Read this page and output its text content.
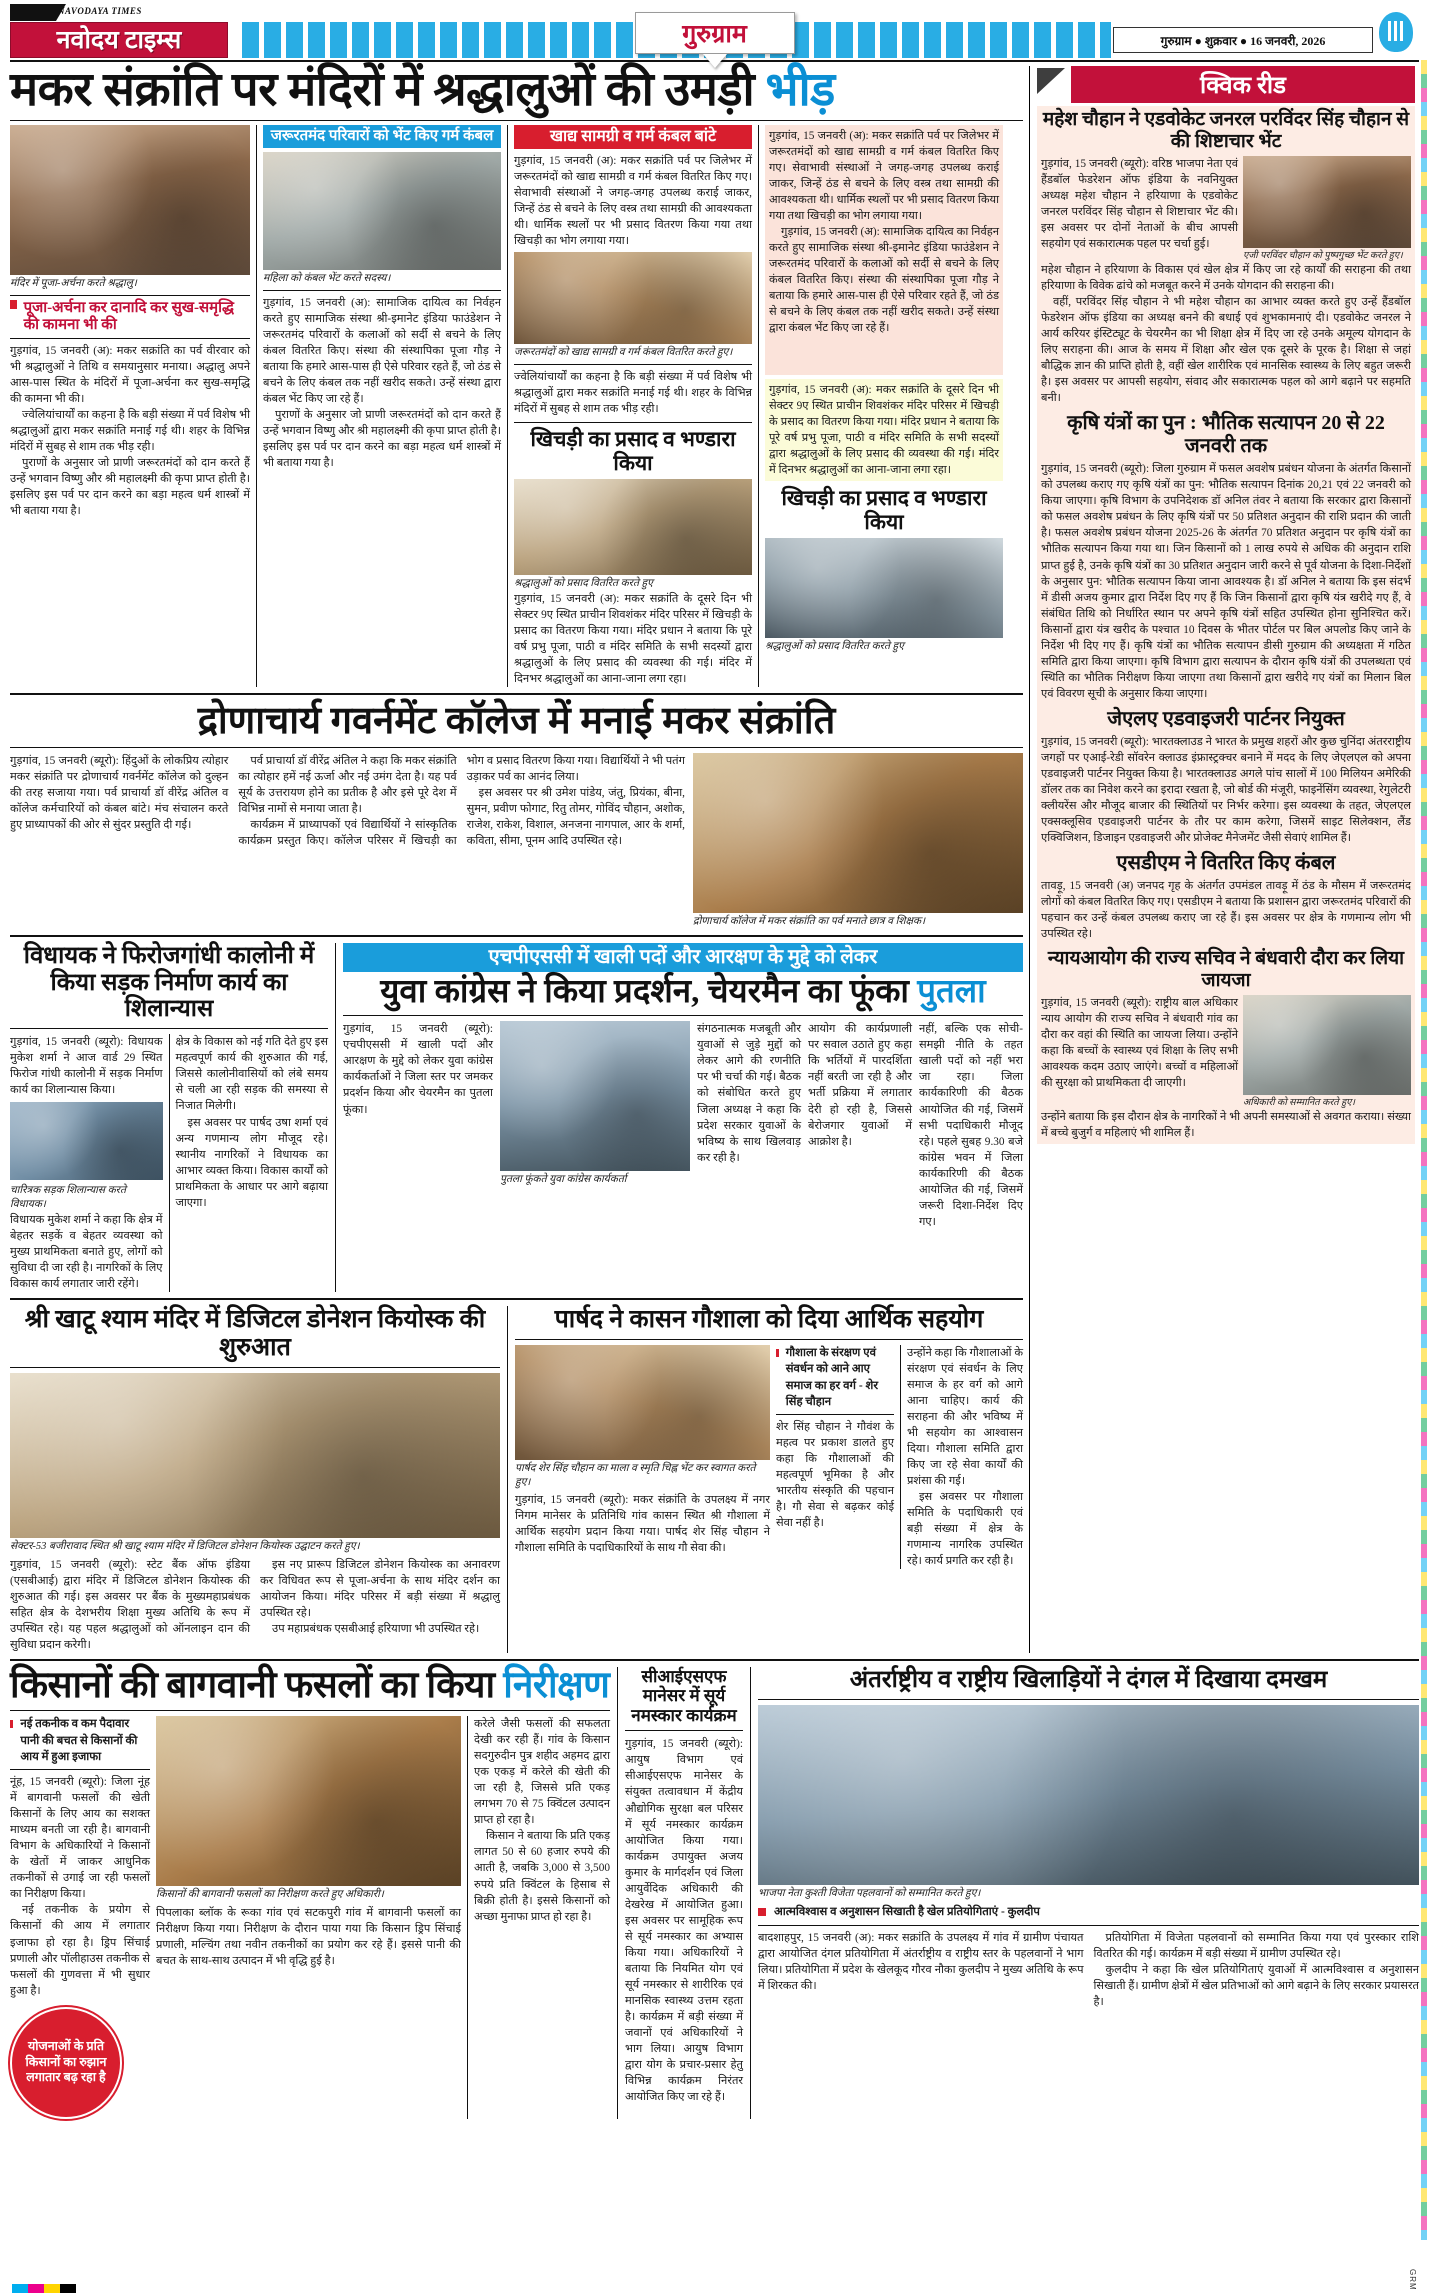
NAVODAYA TIMES
नवोदय टाइम्स	गुरुग्राम	गुरुग्राम ● शुक्रवार ● 16 जनवरी, 2026
मकर संक्रांति पर मंदिरों में श्रद्धालुओं की उमड़ी भीड़
मंदिर में पूजा-अर्चना करते श्रद्धालु।
पूजा-अर्चना कर दानादि कर सुख-समृद्धि की कामना भी की

गुड़गांव, 15 जनवरी (अ): मकर सक्रांति का पर्व वीरवार को भी श्रद्धालुओं ने तिथि व समयानुसार मनाया। अद्धालु अपने आस-पास स्थित के मंदिरों में पूजा-अर्चना कर सुख-समृद्धि की कामना भी की।

ज्वेलियांचार्यों का कहना है कि बड़ी संख्या में पर्व विशेष भी श्रद्धालुओं द्वारा मकर सक्रांति मनाई गई थी। शहर के विभिन्न मंदिरों में सुबह से शाम तक भीड़ रही।

पुराणों के अनुसार जो प्राणी जरूरतमंदों को दान करते हैं उन्हें भगवान विष्णु और श्री महालक्ष्मी की कृपा प्राप्त होती है। इसलिए इस पर्व पर दान करने का बड़ा महत्व धर्म शास्त्रों में भी बताया गया है।

जरूरतमंद परिवारों को भेंट किए गर्म कंबल
महिला को कंबल भेंट करते सदस्य।

गुड़गांव, 15 जनवरी (अ): सामाजिक दायित्व का निर्वहन करते हुए सामाजिक संस्था श्री-इमानेट इंडिया फाउंडेशन ने जरूरतमंद परिवारों के कलाओं को सर्दी से बचने के लिए कंबल वितरित किए। संस्था की संस्थापिका पूजा गौड़ ने बताया कि हमारे आस-पास ही ऐसे परिवार रहते हैं, जो ठंड से बचने के लिए कंबल तक नहीं खरीद सकते। उन्हें संस्था द्वारा कंबल भेंट किए जा रहे हैं।

पुराणों के अनुसार जो प्राणी जरूरतमंदों को दान करते हैं उन्हें भगवान विष्णु और श्री महालक्ष्मी की कृपा प्राप्त होती है। इसलिए इस पर्व पर दान करने का बड़ा महत्व धर्म शास्त्रों में भी बताया गया है।

खाद्य सामग्री व गर्म कंबल बांटे

गुड़गांव, 15 जनवरी (अ): मकर सक्रांति पर्व पर जिलेभर में जरूरतमंदों को खाद्य सामग्री व गर्म कंबल वितरित किए गए। सेवाभावी संस्थाओं ने जगह-जगह उपलब्ध कराई जाकर, जिन्हें ठंड से बचने के लिए वस्त्र तथा सामग्री की आवश्यकता थी। धार्मिक स्थलों पर भी प्रसाद वितरण किया गया तथा खिचड़ी का भोग लगाया गया।

जरूरतमंदों को खाद्य सामग्री व गर्म कंबल वितरित करते हुए।

ज्वेलियांचार्यों का कहना है कि बड़ी संख्या में पर्व विशेष भी श्रद्धालुओं द्वारा मकर सक्रांति मनाई गई थी। शहर के विभिन्न मंदिरों में सुबह से शाम तक भीड़ रही।

खिचड़ी का प्रसाद व भण्डारा किया
श्रद्धालुओं को प्रसाद वितरित करते हुए

गुड़गांव, 15 जनवरी (अ): मकर सक्रांति के दूसरे दिन भी सेक्टर 9ए स्थित प्राचीन शिवशंकर मंदिर परिसर में खिचड़ी के प्रसाद का वितरण किया गया। मंदिर प्रधान ने बताया कि पूरे वर्ष प्रभु पूजा, पाठी व मंदिर समिति के सभी सदस्यों द्वारा श्रद्धालुओं के लिए प्रसाद की व्यवस्था की गई। मंदिर में दिनभर श्रद्धालुओं का आना-जाना लगा रहा।

गुड़गांव, 15 जनवरी (अ): मकर सक्रांति पर्व पर जिलेभर में जरूरतमंदों को खाद्य सामग्री व गर्म कंबल वितरित किए गए। सेवाभावी संस्थाओं ने जगह-जगह उपलब्ध कराई जाकर, जिन्हें ठंड से बचने के लिए वस्त्र तथा सामग्री की आवश्यकता थी। धार्मिक स्थलों पर भी प्रसाद वितरण किया गया तथा खिचड़ी का भोग लगाया गया।

गुड़गांव, 15 जनवरी (अ): सामाजिक दायित्व का निर्वहन करते हुए सामाजिक संस्था श्री-इमानेट इंडिया फाउंडेशन ने जरूरतमंद परिवारों के कलाओं को सर्दी से बचने के लिए कंबल वितरित किए। संस्था की संस्थापिका पूजा गौड़ ने बताया कि हमारे आस-पास ही ऐसे परिवार रहते हैं, जो ठंड से बचने के लिए कंबल तक नहीं खरीद सकते। उन्हें संस्था द्वारा कंबल भेंट किए जा रहे हैं।

गुड़गांव, 15 जनवरी (अ): मकर सक्रांति के दूसरे दिन भी सेक्टर 9ए स्थित प्राचीन शिवशंकर मंदिर परिसर में खिचड़ी के प्रसाद का वितरण किया गया। मंदिर प्रधान ने बताया कि पूरे वर्ष प्रभु पूजा, पाठी व मंदिर समिति के सभी सदस्यों द्वारा श्रद्धालुओं के लिए प्रसाद की व्यवस्था की गई। मंदिर में दिनभर श्रद्धालुओं का आना-जाना लगा रहा।

खिचड़ी का प्रसाद व भण्डारा किया
श्रद्धालुओं को प्रसाद वितरित करते हुए
द्रोणाचार्य गवर्नमेंट कॉलेज में मनाई मकर संक्रांति

गुड़गांव, 15 जनवरी (ब्यूरो): हिंदुओं के लोकप्रिय त्योहार मकर संक्रांति पर द्रोणाचार्य गवर्नमेंट कॉलेज को दुल्हन की तरह सजाया गया। पर्व प्राचार्या डॉ वीरेंद्र अंतिल व कॉलेज कर्मचारियों को कंबल बांटे। मंच संचालन करते हुए प्राध्यापकों की ओर से सुंदर प्रस्तुति दी गई।

पर्व प्राचार्या डॉ वीरेंद्र अंतिल ने कहा कि मकर संक्रांति का त्योहार हमें नई ऊर्जा और नई उमंग देता है। यह पर्व सूर्य के उत्तरायण होने का प्रतीक है और इसे पूरे देश में विभिन्न नामों से मनाया जाता है।

कार्यक्रम में प्राध्यापकों एवं विद्यार्थियों ने सांस्कृतिक कार्यक्रम प्रस्तुत किए। कॉलेज परिसर में खिचड़ी का भोग व प्रसाद वितरण किया गया। विद्यार्थियों ने भी पतंग उड़ाकर पर्व का आनंद लिया।

इस अवसर पर श्री उमेश पांडेय, जंतु, प्रियंका, बीना, सुमन, प्रवीण फोगाट, रितु तोमर, गोविंद चौहान, अशोक, राजेश, राकेश, विशाल, अनजना नागपाल, आर के शर्मा, कविता, सीमा, पूनम आदि उपस्थित रहे।

द्रोणाचार्य कॉलेज में मकर संक्रांति का पर्व मनाते छात्र व शिक्षक।
विधायक ने फिरोजगांधी कालोनी में किया सड़क निर्माण कार्य का शिलान्यास

गुड़गांव, 15 जनवरी (ब्यूरो): विधायक मुकेश शर्मा ने आज वार्ड 29 स्थित फिरोज गांधी कालोनी में सड़क निर्माण कार्य का शिलान्यास किया।

चारित्रक सड़क शिलान्यास करते विधायक।

विधायक मुकेश शर्मा ने कहा कि क्षेत्र में बेहतर सड़कें व बेहतर व्यवस्था को मुख्य प्राथमिकता बनाते हुए, लोगों को सुविधा दी जा रही है। नागरिकों के लिए विकास कार्य लगातार जारी रहेंगे।

क्षेत्र के विकास को नई गति देते हुए इस महत्वपूर्ण कार्य की शुरुआत की गई, जिससे कालोनीवासियों को लंबे समय से चली आ रही सड़क की समस्या से निजात मिलेगी।

इस अवसर पर पार्षद उषा शर्मा एवं अन्य गणमान्य लोग मौजूद रहे। स्थानीय नागरिकों ने विधायक का आभार व्यक्त किया। विकास कार्यों को प्राथमिकता के आधार पर आगे बढ़ाया जाएगा।

एचपीएससी में खाली पदों और आरक्षण के मुद्दे को लेकर
युवा कांग्रेस ने किया प्रदर्शन, चेयरमैन का फूंका पुतला

गुड़गांव, 15 जनवरी (ब्यूरो): एचपीएससी में खाली पदों और आरक्षण के मुद्दे को लेकर युवा कांग्रेस कार्यकर्ताओं ने जिला स्तर पर जमकर प्रदर्शन किया और चेयरमैन का पुतला फूंका।

पुतला फूंकते युवा कांग्रेस कार्यकर्ता

संगठनात्मक मजबूती और युवाओं से जुड़े मुद्दों को लेकर आगे की रणनीति पर भी चर्चा की गई। बैठक को संबोधित करते हुए जिला अध्यक्ष ने कहा कि प्रदेश सरकार युवाओं के भविष्य के साथ खिलवाड़ कर रही है।

आयोग की कार्यप्रणाली पर सवाल उठाते हुए कहा कि भर्तियों में पारदर्शिता नहीं बरती जा रही है और भर्ती प्रक्रिया में लगातार देरी हो रही है, जिससे बेरोजगार युवाओं में आक्रोश है।

नहीं, बल्कि एक सोची-समझी नीति के तहत खाली पदों को नहीं भरा जा रहा। जिला कार्यकारिणी की बैठक आयोजित की गई, जिसमें सभी पदाधिकारी मौजूद रहे। पहले सुबह 9.30 बजे कांग्रेस भवन में जिला कार्यकारिणी की बैठक आयोजित की गई, जिसमें जरूरी दिशा-निर्देश दिए गए।

श्री खाटू श्याम मंदिर में डिजिटल डोनेशन कियोस्क की शुरुआत
सेक्टर-53 बजीरावाद स्थित श्री खाटू श्याम मंदिर में डिजिटल डोनेशन कियोस्क उद्घाटन करते हुए।

गुड़गांव, 15 जनवरी (ब्यूरो): स्टेट बैंक ऑफ इंडिया (एसबीआई) द्वारा मंदिर में डिजिटल डोनेशन कियोस्क की शुरुआत की गई। इस अवसर पर बैंक के मुख्यमहाप्रबंधक सहित क्षेत्र के देशभरीय शिक्षा मुख्य अतिथि के रूप में उपस्थित रहे। यह पहल श्रद्धालुओं को ऑनलाइन दान की सुविधा प्रदान करेगी।

इस नए प्रारूप डिजिटल डोनेशन कियोस्क का अनावरण कर विधिवत रूप से पूजा-अर्चना के साथ मंदिर दर्शन का आयोजन किया। मंदिर परिसर में बड़ी संख्या में श्रद्धालु उपस्थित रहे।

उप महाप्रबंधक एसबीआई हरियाणा भी उपस्थित रहे।

पार्षद ने कासन गौशाला को दिया आर्थिक सहयोग
पार्षद शेर सिंह चौहान का माला व स्मृति चिह्न भेंट कर स्वागत करते हुए।

गुड़गांव, 15 जनवरी (ब्यूरो): मकर संक्रांति के उपलक्ष्य में नगर निगम मानेसर के प्रतिनिधि गांव कासन स्थित श्री गौशाला में आर्थिक सहयोग प्रदान किया गया। पार्षद शेर सिंह चौहान ने गौशाला समिति के पदाधिकारियों के साथ गौ सेवा की।

गौशाला के संरक्षण एवं संवर्धन को आने आए समाज का हर वर्ग - शेर सिंह चौहान

शेर सिंह चौहान ने गौवंश के महत्व पर प्रकाश डालते हुए कहा कि गौशालाओं की महत्वपूर्ण भूमिका है और भारतीय संस्कृति की पहचान है। गौ सेवा से बढ़कर कोई सेवा नहीं है।

उन्होंने कहा कि गौशालाओं के संरक्षण एवं संवर्धन के लिए समाज के हर वर्ग को आगे आना चाहिए। कार्य की सराहना की और भविष्य में भी सहयोग का आश्वासन दिया। गौशाला समिति द्वारा किए जा रहे सेवा कार्यों की प्रशंसा की गई।

इस अवसर पर गौशाला समिति के पदाधिकारी एवं बड़ी संख्या में क्षेत्र के गणमान्य नागरिक उपस्थित रहे। कार्य प्रगति कर रही है।

क्विक रीड
महेश चौहान ने एडवोकेट जनरल परविंदर सिंह चौहान से की शिष्टाचार भेंट

गुड़गांव, 15 जनवरी (ब्यूरो): वरिष्ठ भाजपा नेता एवं हैंडबॉल फेडरेशन ऑफ इंडिया के नवनियुक्त अध्यक्ष महेश चौहान ने हरियाणा के एडवोकेट जनरल परविंदर सिंह चौहान से शिष्टाचार भेंट की। इस अवसर पर दोनों नेताओं के बीच आपसी सहयोग एवं सकारात्मक पहल पर चर्चा हुई।

एजी परविंदर चौहान को पुष्पगुच्छ भेंट करते हुए।

महेश चौहान ने हरियाणा के विकास एवं खेल क्षेत्र में किए जा रहे कार्यों की सराहना की तथा हरियाणा के विवेक ढांचे को मजबूत करने में उनके योगदान की सराहना की।

वहीं, परविंदर सिंह चौहान ने भी महेश चौहान का आभार व्यक्त करते हुए उन्हें हैंडबॉल फेडरेशन ऑफ इंडिया का अध्यक्ष बनने की बधाई एवं शुभकामनाएं दी। एडवोकेट जनरल ने आर्य करियर इंस्टिट्यूट के चेयरमैन का भी शिक्षा क्षेत्र में दिए जा रहे उनके अमूल्य योगदान के लिए सराहना की। आज के समय में शिक्षा और खेल एक दूसरे के पूरक है। शिक्षा से जहां बौद्धिक ज्ञान की प्राप्ति होती है, वहीं खेल शारीरिक एवं मानसिक स्वास्थ्य के लिए बहुत जरूरी है। इस अवसर पर आपसी सहयोग, संवाद और सकारात्मक पहल को आगे बढ़ाने पर सहमति बनी।

कृषि यंत्रों का पुन : भौतिक सत्यापन 20 से 22 जनवरी तक

गुड़गांव, 15 जनवरी (ब्यूरो): जिला गुरुग्राम में फसल अवशेष प्रबंधन योजना के अंतर्गत किसानों को उपलब्ध कराए गए कृषि यंत्रों का पुन: भौतिक सत्यापन दिनांक 20,21 एवं 22 जनवरी को किया जाएगा। कृषि विभाग के उपनिदेशक डॉ अनिल तंवर ने बताया कि सरकार द्वारा किसानों को फसल अवशेष प्रबंधन के लिए कृषि यंत्रों पर 50 प्रतिशत अनुदान की राशि प्रदान की जाती है। फसल अवशेष प्रबंधन योजना 2025-26 के अंतर्गत 70 प्रतिशत अनुदान पर कृषि यंत्रों का भौतिक सत्यापन किया गया था। जिन किसानों को 1 लाख रुपये से अधिक की अनुदान राशि प्राप्त हुई है, उनके कृषि यंत्रों का 30 प्रतिशत अनुदान जारी करने से पूर्व योजना के दिशा-निर्देशों के अनुसार पुन: भौतिक सत्यापन किया जाना आवश्यक है। डॉ अनिल ने बताया कि इस संदर्भ में डीसी अजय कुमार द्वारा निर्देश दिए गए हैं कि जिन किसानों द्वारा कृषि यंत्र खरीदे गए हैं, वे संबंधित तिथि को निर्धारित स्थान पर अपने कृषि यंत्रों सहित उपस्थित होना सुनिश्चित करें। किसानों द्वारा यंत्र खरीद के पश्चात 10 दिवस के भीतर पोर्टल पर बिल अपलोड किए जाने के निर्देश भी दिए गए हैं। कृषि यंत्रों का भौतिक सत्यापन डीसी गुरुग्राम की अध्यक्षता में गठित समिति द्वारा किया जाएगा। कृषि विभाग द्वारा सत्यापन के दौरान कृषि यंत्रों की उपलब्धता एवं स्थिति का भौतिक निरीक्षण किया जाएगा तथा किसानों द्वारा खरीदे गए यंत्रों का मिलान बिल एवं विवरण सूची के अनुसार किया जाएगा।

जेएलए एडवाइजरी पार्टनर नियुक्त

गुड़गांव, 15 जनवरी (ब्यूरो): भारतक्लाउड ने भारत के प्रमुख शहरों और कुछ चुनिंदा अंतरराष्ट्रीय जगहों पर एआई-रेडी सॉवरेन क्लाउड इंफ्रास्ट्रक्चर बनाने में मदद के लिए जेएलएल को अपना एडवाइजरी पार्टनर नियुक्त किया है। भारतक्लाउड अगले पांच सालों में 100 मिलियन अमेरिकी डॉलर तक का निवेश करने का इरादा रखता है, जो बोर्ड की मंजूरी, फाइनेंसिंग व्यवस्था, रेगुलेटरी क्लीयरेंस और मौजूद बाजार की स्थितियों पर निर्भर करेगा। इस व्यवस्था के तहत, जेएलएल एक्सक्लूसिव एडवाइजरी पार्टनर के तौर पर काम करेगा, जिसमें साइट सिलेक्शन, लैंड एक्विजिशन, डिजाइन एडवाइजरी और प्रोजेक्ट मैनेजमेंट जैसी सेवाएं शामिल हैं।

एसडीएम ने वितरित किए कंबल

तावड़ू, 15 जनवरी (अ) जनपद गृह के अंतर्गत उपमंडल तावड़ू में ठंड के मौसम में जरूरतमंद लोगों को कंबल वितरित किए गए। एसडीएम ने बताया कि प्रशासन द्वारा जरूरतमंद परिवारों की पहचान कर उन्हें कंबल उपलब्ध कराए जा रहे हैं। इस अवसर पर क्षेत्र के गणमान्य लोग भी उपस्थित रहे।

न्यायआयोग की राज्य सचिव ने बंधवारी दौरा कर लिया जायजा

गुड़गांव, 15 जनवरी (ब्यूरो): राष्ट्रीय बाल अधिकार न्याय आयोग की राज्य सचिव ने बंधवारी गांव का दौरा कर वहां की स्थिति का जायजा लिया। उन्होंने कहा कि बच्चों के स्वास्थ्य एवं शिक्षा के लिए सभी आवश्यक कदम उठाए जाएंगे। बच्चों व महिलाओं की सुरक्षा को प्राथमिकता दी जाएगी।

अधिकारी को सम्मानित करते हुए।

उन्होंने बताया कि इस दौरान क्षेत्र के नागरिकों ने भी अपनी समस्याओं से अवगत कराया। संख्या में बच्चे बुजुर्ग व महिलाएं भी शामिल हैं।

किसानों की बागवानी फसलों का किया निरीक्षण
नई तकनीक व कम पैदावार पानी की बचत से किसानों की आय में हुआ इजाफा

नूंह, 15 जनवरी (ब्यूरो): जिला नूंह में बागवानी फसलों की खेती किसानों के लिए आय का सशक्त माध्यम बनती जा रही है। बागवानी विभाग के अधिकारियों ने किसानों के खेतों में जाकर आधुनिक तकनीकों से उगाई जा रही फसलों का निरीक्षण किया।

नई तकनीक के प्रयोग से किसानों की आय में लगातार इजाफा हो रहा है। ड्रिप सिंचाई प्रणाली और पॉलीहाउस तकनीक से फसलों की गुणवत्ता में भी सुधार हुआ है।

योजनाओं के प्रति किसानों का रुझान लगातार बढ़ रहा है
किसानों की बागवानी फसलों का निरीक्षण करते हुए अधिकारी।

पिपलाका ब्लॉक के रूका गांव एवं सटकपुरी गांव में बागवानी फसलों का निरीक्षण किया गया। निरीक्षण के दौरान पाया गया कि किसान ड्रिप सिंचाई प्रणाली, मल्चिंग तथा नवीन तकनीकों का प्रयोग कर रहे हैं। इससे पानी की बचत के साथ-साथ उत्पादन में भी वृद्धि हुई है।

करेले जैसी फसलों की सफलता देखी कर रही हैं। गांव के किसान सदगुरुदीन पुत्र शहीद अहमद द्वारा एक एकड़ में करेले की खेती की जा रही है, जिससे प्रति एकड़ लगभग 70 से 75 क्विंटल उत्पादन प्राप्त हो रहा है।

किसान ने बताया कि प्रति एकड़ लागत 50 से 60 हजार रुपये की आती है, जबकि 3,000 से 3,500 रुपये प्रति क्विंटल के हिसाब से बिक्री होती है। इससे किसानों को अच्छा मुनाफा प्राप्त हो रहा है।

सीआईएसएफ मानेसर में सूर्य नमस्कार कार्यक्रम

गुड़गांव, 15 जनवरी (ब्यूरो): आयुष विभाग एवं सीआईएसएफ मानेसर के संयुक्त तत्वावधान में केंद्रीय औद्योगिक सुरक्षा बल परिसर में सूर्य नमस्कार कार्यक्रम आयोजित किया गया। कार्यक्रम उपायुक्त अजय कुमार के मार्गदर्शन एवं जिला आयुर्वेदिक अधिकारी की देखरेख में आयोजित हुआ। इस अवसर पर सामूहिक रूप से सूर्य नमस्कार का अभ्यास किया गया। अधिकारियों ने बताया कि नियमित योग एवं सूर्य नमस्कार से शारीरिक एवं मानसिक स्वास्थ्य उत्तम रहता है। कार्यक्रम में बड़ी संख्या में जवानों एवं अधिकारियों ने भाग लिया। आयुष विभाग द्वारा योग के प्रचार-प्रसार हेतु विभिन्न कार्यक्रम निरंतर आयोजित किए जा रहे हैं।

अंतर्राष्ट्रीय व राष्ट्रीय खिलाड़ियों ने दंगल में दिखाया दमखम
भाजपा नेता कुश्ती विजेता पहलवानों को सम्मानित करते हुए।
आत्मविश्वास व अनुशासन सिखाती है खेल प्रतियोगिताएं - कुलदीप

बादशाहपुर, 15 जनवरी (अ): मकर सक्रांति के उपलक्ष्य में गांव में ग्रामीण पंचायत द्वारा आयोजित दंगल प्रतियोगिता में अंतर्राष्ट्रीय व राष्ट्रीय स्तर के पहलवानों ने भाग लिया। प्रतियोगिता में प्रदेश के खेलकूद गौरव नौका कुलदीप ने मुख्य अतिथि के रूप में शिरकत की।

प्रतियोगिता में विजेता पहलवानों को सम्मानित किया गया एवं पुरस्कार राशि वितरित की गई। कार्यक्रम में बड़ी संख्या में ग्रामीण उपस्थित रहे।

कुलदीप ने कहा कि खेल प्रतियोगिताएं युवाओं में आत्मविश्वास व अनुशासन सिखाती हैं। ग्रामीण क्षेत्रों में खेल प्रतिभाओं को आगे बढ़ाने के लिए सरकार प्रयासरत है।

GRM
